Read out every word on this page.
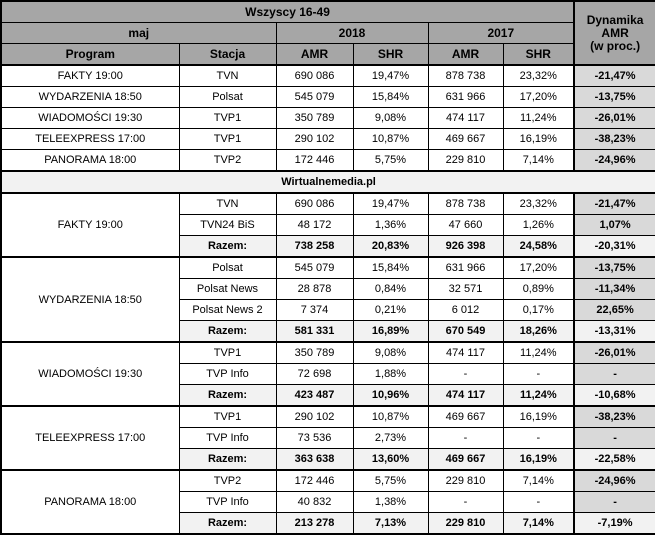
Wszyscy 16-49						Dynamika
AMR
(w proc.)

maj		2018		2017		
Program	Stacja	AMR	SHR	AMR	SHR	
FAKTY 19:00	TVN	690 086	19,47%	878 738	23,32%	-21,47%
WYDARZENIA 18:50	Polsat	545 079	15,84%	631 966	17,20%	-13,75%
WIADOMOŚCI 19:30	TVP1	350 789	9,08%	474 117	11,24%	-26,01%
TELEEXPRESS 17:00	TVP1	290 102	10,87%	469 667	16,19%	-38,23%
PANORAMA 18:00	TVP2	172 446	5,75%	229 810	7,14%	-24,96%
Wirtualnemedia.pl						
FAKTY 19:00	TVN	690 086	19,47%	878 738	23,32%	-21,47%
	TVN24 BiS	48 172	1,36%	47 660	1,26%	1,07%
	Razem:	738 258	20,83%	926 398	24,58%	-20,31%
WYDARZENIA 18:50	Polsat	545 079	15,84%	631 966	17,20%	-13,75%
	Polsat News	28 878	0,84%	32 571	0,89%	-11,34%
	Polsat News 2	7 374	0,21%	6 012	0,17%	22,65%
	Razem:	581 331	16,89%	670 549	18,26%	-13,31%
WIADOMOŚCI 19:30	TVP1	350 789	9,08%	474 117	11,24%	-26,01%
	TVP Info	72 698	1,88%	-	-	-
	Razem:	423 487	10,96%	474 117	11,24%	-10,68%
TELEEXPRESS 17:00	TVP1	290 102	10,87%	469 667	16,19%	-38,23%
	TVP Info	73 536	2,73%	-	-	-
	Razem:	363 638	13,60%	469 667	16,19%	-22,58%
PANORAMA 18:00	TVP2	172 446	5,75%	229 810	7,14%	-24,96%
	TVP Info	40 832	1,38%	-	-	-
	Razem:	213 278	7,13%	229 810	7,14%	-7,19%
